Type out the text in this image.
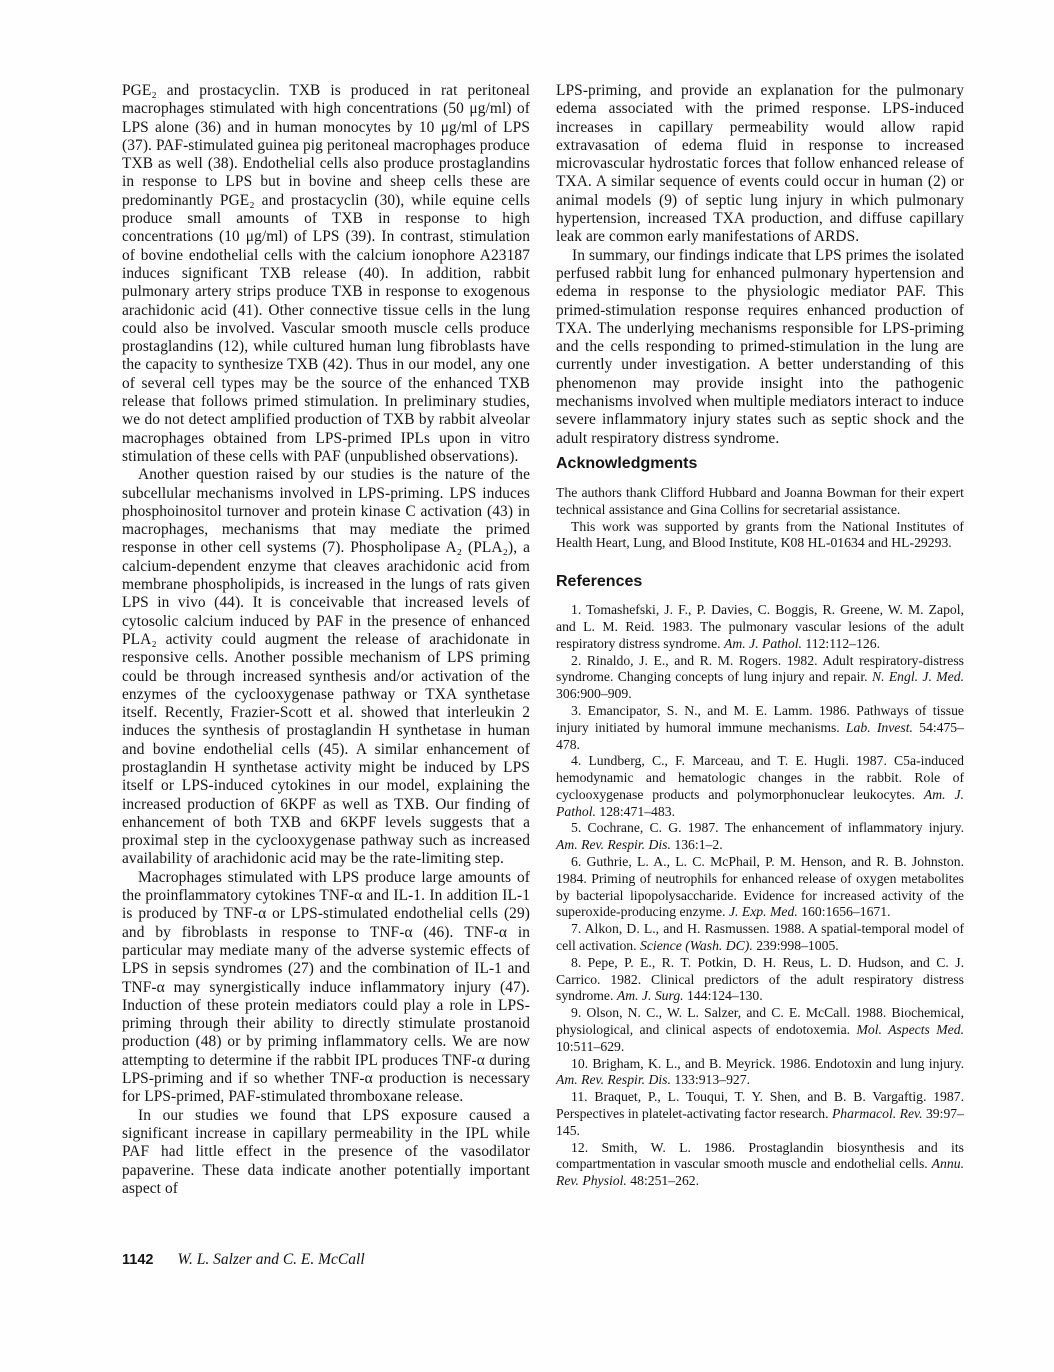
PGE₂ and prostacyclin. TXB is produced in rat peritoneal macrophages stimulated with high concentrations (50 μg/ml) of LPS alone (36) and in human monocytes by 10 μg/ml of LPS (37). PAF-stimulated guinea pig peritoneal macrophages produce TXB as well (38). Endothelial cells also produce prostaglandins in response to LPS but in bovine and sheep cells these are predominantly PGE₂ and prostacyclin (30), while equine cells produce small amounts of TXB in response to high concentrations (10 μg/ml) of LPS (39). In contrast, stimulation of bovine endothelial cells with the calcium ionophore A23187 induces significant TXB release (40). In addition, rabbit pulmonary artery strips produce TXB in response to exogenous arachidonic acid (41). Other connective tissue cells in the lung could also be involved. Vascular smooth muscle cells produce prostaglandins (12), while cultured human lung fibroblasts have the capacity to synthesize TXB (42). Thus in our model, any one of several cell types may be the source of the enhanced TXB release that follows primed stimulation. In preliminary studies, we do not detect amplified production of TXB by rabbit alveolar macrophages obtained from LPS-primed IPLs upon in vitro stimulation of these cells with PAF (unpublished observations).

Another question raised by our studies is the nature of the subcellular mechanisms involved in LPS-priming. LPS induces phosphoinositol turnover and protein kinase C activation (43) in macrophages, mechanisms that may mediate the primed response in other cell systems (7). Phospholipase A₂ (PLA₂), a calcium-dependent enzyme that cleaves arachidonic acid from membrane phospholipids, is increased in the lungs of rats given LPS in vivo (44). It is conceivable that increased levels of cytosolic calcium induced by PAF in the presence of enhanced PLA₂ activity could augment the release of arachidonate in responsive cells. Another possible mechanism of LPS priming could be through increased synthesis and/or activation of the enzymes of the cyclooxygenase pathway or TXA synthetase itself. Recently, Frazier-Scott et al. showed that interleukin 2 induces the synthesis of prostaglandin H synthetase in human and bovine endothelial cells (45). A similar enhancement of prostaglandin H synthetase activity might be induced by LPS itself or LPS-induced cytokines in our model, explaining the increased production of 6KPF as well as TXB. Our finding of enhancement of both TXB and 6KPF levels suggests that a proximal step in the cyclooxygenase pathway such as increased availability of arachidonic acid may be the rate-limiting step.

Macrophages stimulated with LPS produce large amounts of the proinflammatory cytokines TNF-α and IL-1. In addition IL-1 is produced by TNF-α or LPS-stimulated endothelial cells (29) and by fibroblasts in response to TNF-α (46). TNF-α in particular may mediate many of the adverse systemic effects of LPS in sepsis syndromes (27) and the combination of IL-1 and TNF-α may synergistically induce inflammatory injury (47). Induction of these protein mediators could play a role in LPS-priming through their ability to directly stimulate prostanoid production (48) or by priming inflammatory cells. We are now attempting to determine if the rabbit IPL produces TNF-α during LPS-priming and if so whether TNF-α production is necessary for LPS-primed, PAF-stimulated thromboxane release.

In our studies we found that LPS exposure caused a significant increase in capillary permeability in the IPL while PAF had little effect in the presence of the vasodilator papaverine. These data indicate another potentially important aspect of

LPS-priming, and provide an explanation for the pulmonary edema associated with the primed response. LPS-induced increases in capillary permeability would allow rapid extravasation of edema fluid in response to increased microvascular hydrostatic forces that follow enhanced release of TXA. A similar sequence of events could occur in human (2) or animal models (9) of septic lung injury in which pulmonary hypertension, increased TXA production, and diffuse capillary leak are common early manifestations of ARDS.

In summary, our findings indicate that LPS primes the isolated perfused rabbit lung for enhanced pulmonary hypertension and edema in response to the physiologic mediator PAF. This primed-stimulation response requires enhanced production of TXA. The underlying mechanisms responsible for LPS-priming and the cells responding to primed-stimulation in the lung are currently under investigation. A better understanding of this phenomenon may provide insight into the pathogenic mechanisms involved when multiple mediators interact to induce severe inflammatory injury states such as septic shock and the adult respiratory distress syndrome.

Acknowledgments

The authors thank Clifford Hubbard and Joanna Bowman for their expert technical assistance and Gina Collins for secretarial assistance.

This work was supported by grants from the National Institutes of Health Heart, Lung, and Blood Institute, K08 HL-01634 and HL-29293.

References

1. Tomashefski, J. F., P. Davies, C. Boggis, R. Greene, W. M. Zapol, and L. M. Reid. 1983. The pulmonary vascular lesions of the adult respiratory distress syndrome. Am. J. Pathol. 112:112–126.

2. Rinaldo, J. E., and R. M. Rogers. 1982. Adult respiratory-distress syndrome. Changing concepts of lung injury and repair. N. Engl. J. Med. 306:900–909.

3. Emancipator, S. N., and M. E. Lamm. 1986. Pathways of tissue injury initiated by humoral immune mechanisms. Lab. Invest. 54:475–478.

4. Lundberg, C., F. Marceau, and T. E. Hugli. 1987. C5a-induced hemodynamic and hematologic changes in the rabbit. Role of cyclooxygenase products and polymorphonuclear leukocytes. Am. J. Pathol. 128:471–483.

5. Cochrane, C. G. 1987. The enhancement of inflammatory injury. Am. Rev. Respir. Dis. 136:1–2.

6. Guthrie, L. A., L. C. McPhail, P. M. Henson, and R. B. Johnston. 1984. Priming of neutrophils for enhanced release of oxygen metabolites by bacterial lipopolysaccharide. Evidence for increased activity of the superoxide-producing enzyme. J. Exp. Med. 160:1656–1671.

7. Alkon, D. L., and H. Rasmussen. 1988. A spatial-temporal model of cell activation. Science (Wash. DC). 239:998–1005.

8. Pepe, P. E., R. T. Potkin, D. H. Reus, L. D. Hudson, and C. J. Carrico. 1982. Clinical predictors of the adult respiratory distress syndrome. Am. J. Surg. 144:124–130.

9. Olson, N. C., W. L. Salzer, and C. E. McCall. 1988. Biochemical, physiological, and clinical aspects of endotoxemia. Mol. Aspects Med. 10:511–629.

10. Brigham, K. L., and B. Meyrick. 1986. Endotoxin and lung injury. Am. Rev. Respir. Dis. 133:913–927.

11. Braquet, P., L. Touqui, T. Y. Shen, and B. B. Vargaftig. 1987. Perspectives in platelet-activating factor research. Pharmacol. Rev. 39:97–145.

12. Smith, W. L. 1986. Prostaglandin biosynthesis and its compartmentation in vascular smooth muscle and endothelial cells. Annu. Rev. Physiol. 48:251–262.

1142 W. L. Salzer and C. E. McCall
